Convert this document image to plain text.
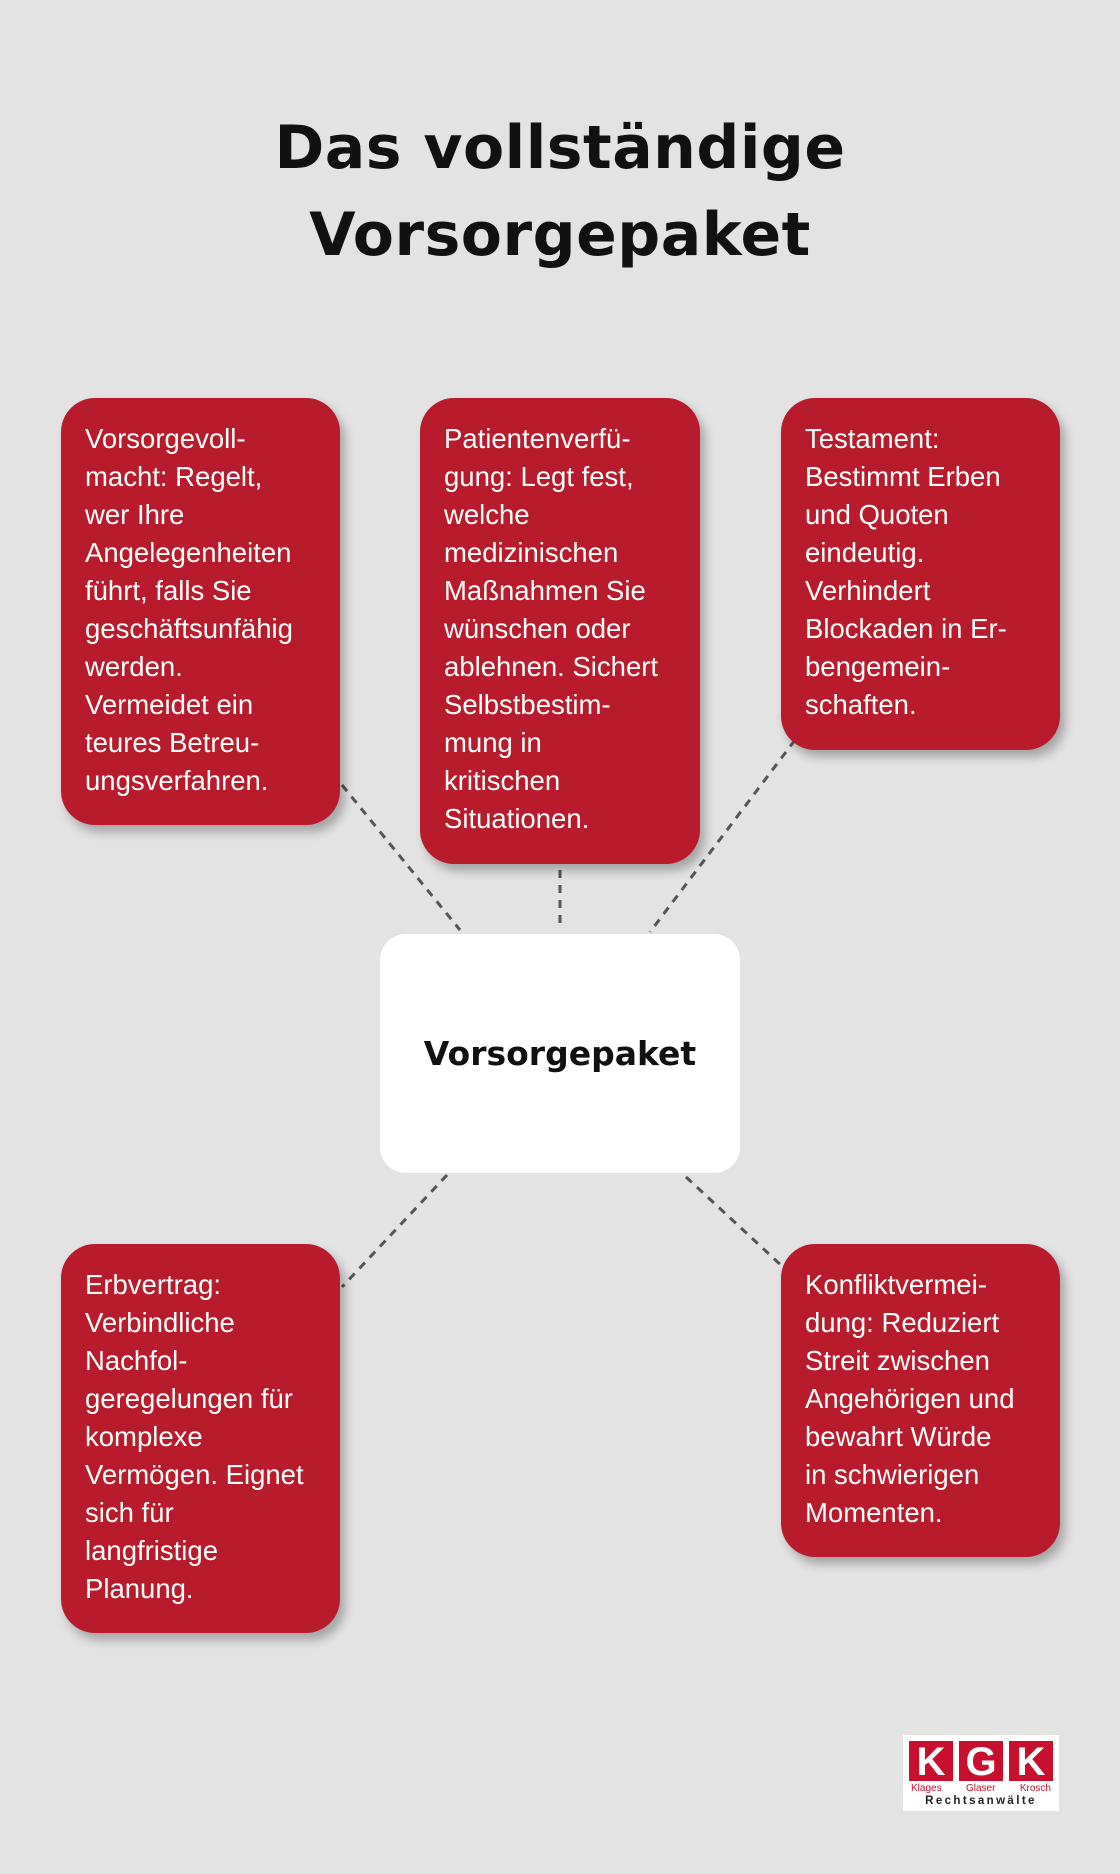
Das vollständige
Vorsorgepaket
Vorsorgevoll-
macht: Regelt,
wer Ihre
Angelegenheiten
führt, falls Sie
geschäftsunfähig
werden.
Vermeidet ein
teures Betreu-
ungsverfahren.
Patientenverfü-
gung: Legt fest,
welche
medizinischen
Maßnahmen Sie
wünschen oder
ablehnen. Sichert
Selbstbestim-
mung in
kritischen
Situationen.
Testament:
Bestimmt Erben
und Quoten
eindeutig.
Verhindert
Blockaden in Er-
bengemein-
schaften.
Vorsorgepaket
Erbvertrag:
Verbindliche
Nachfol-
geregelungen für
komplexe
Vermögen. Eignet
sich für
langfristige
Planung.
Konfliktvermei-
dung: Reduziert
Streit zwischen
Angehörigen und
bewahrt Würde
in schwierigen
Momenten.
K G K
Klages Glaser Krosch
Rechtsanwälte
